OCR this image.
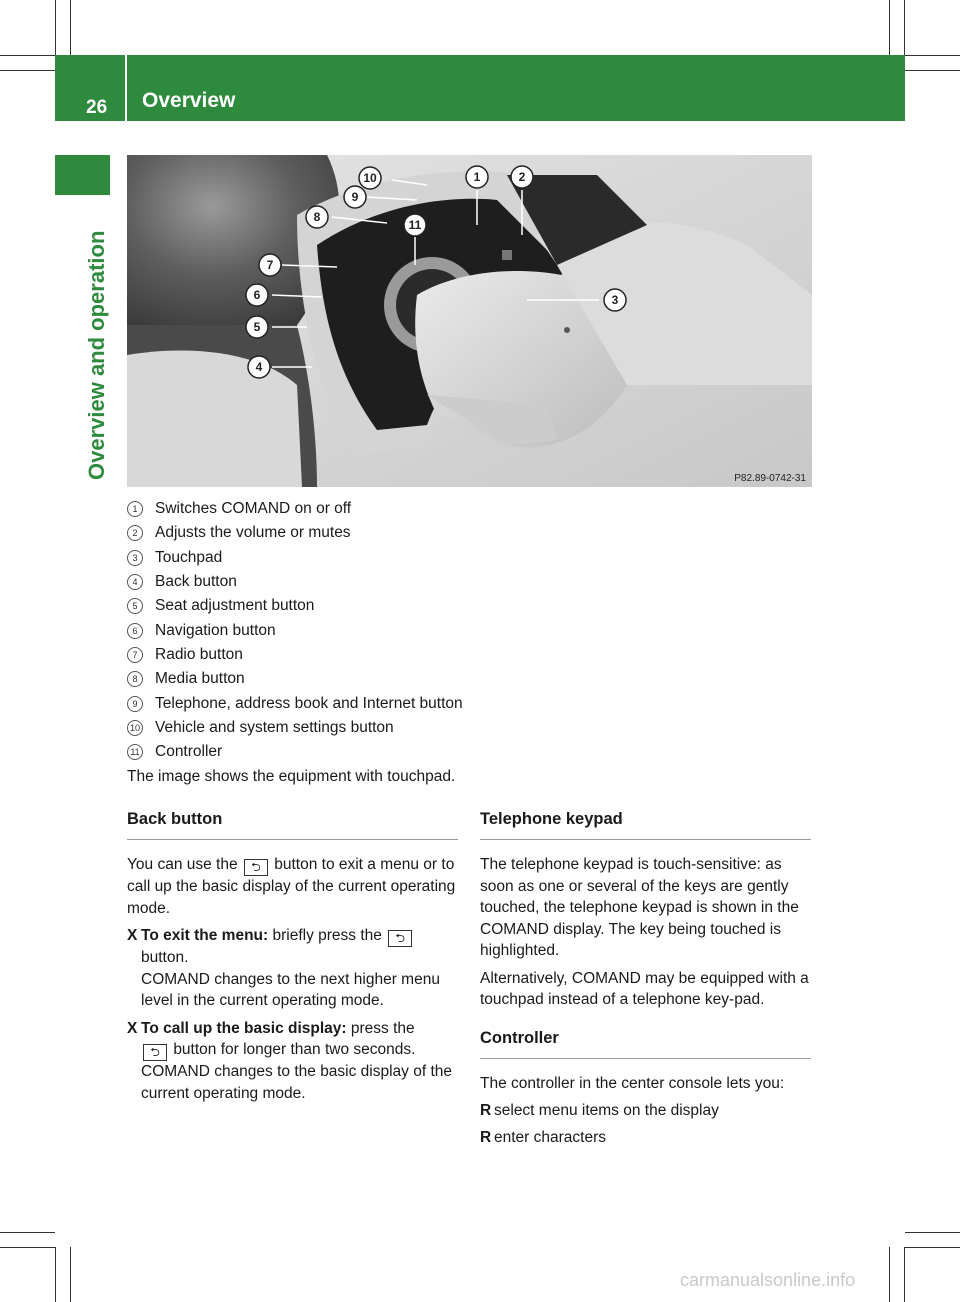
26 Overview
Overview and operation	P82.89-0742-31
10
9
8
7
6
5
4
1	2
3
11
1	Switches COMAND on or off
2	Adjusts the volume or mutes
3	Touchpad
4	Back button
5	Seat adjustment button
6	Navigation button
7	Radio button
8	Media button
9	Telephone, address book and Internet button
10 Vehicle and system settings button
11 Controller
The image shows the equipment with touchpad.
Back button

You can use the ⮌ button to exit a menu or to call up the basic display of the current operating mode.

X To exit the menu: briefly press the ⮌
button.
COMAND changes to the next higher menu level in the current operating mode.
X To call up the basic display: press the
⮌ button for longer than two seconds.
COMAND changes to the basic display of the current operating mode.
Telephone keypad

The telephone keypad is touch-sensitive: as soon as one or several of the keys are gently touched, the telephone keypad is shown in the COMAND display. The key being touched is highlighted.

Alternatively, COMAND may be equipped with a touchpad instead of a telephone key-pad.

Controller

The controller in the center console lets you:

R select menu items on the display
R enter characters
carmanualsonline.info
